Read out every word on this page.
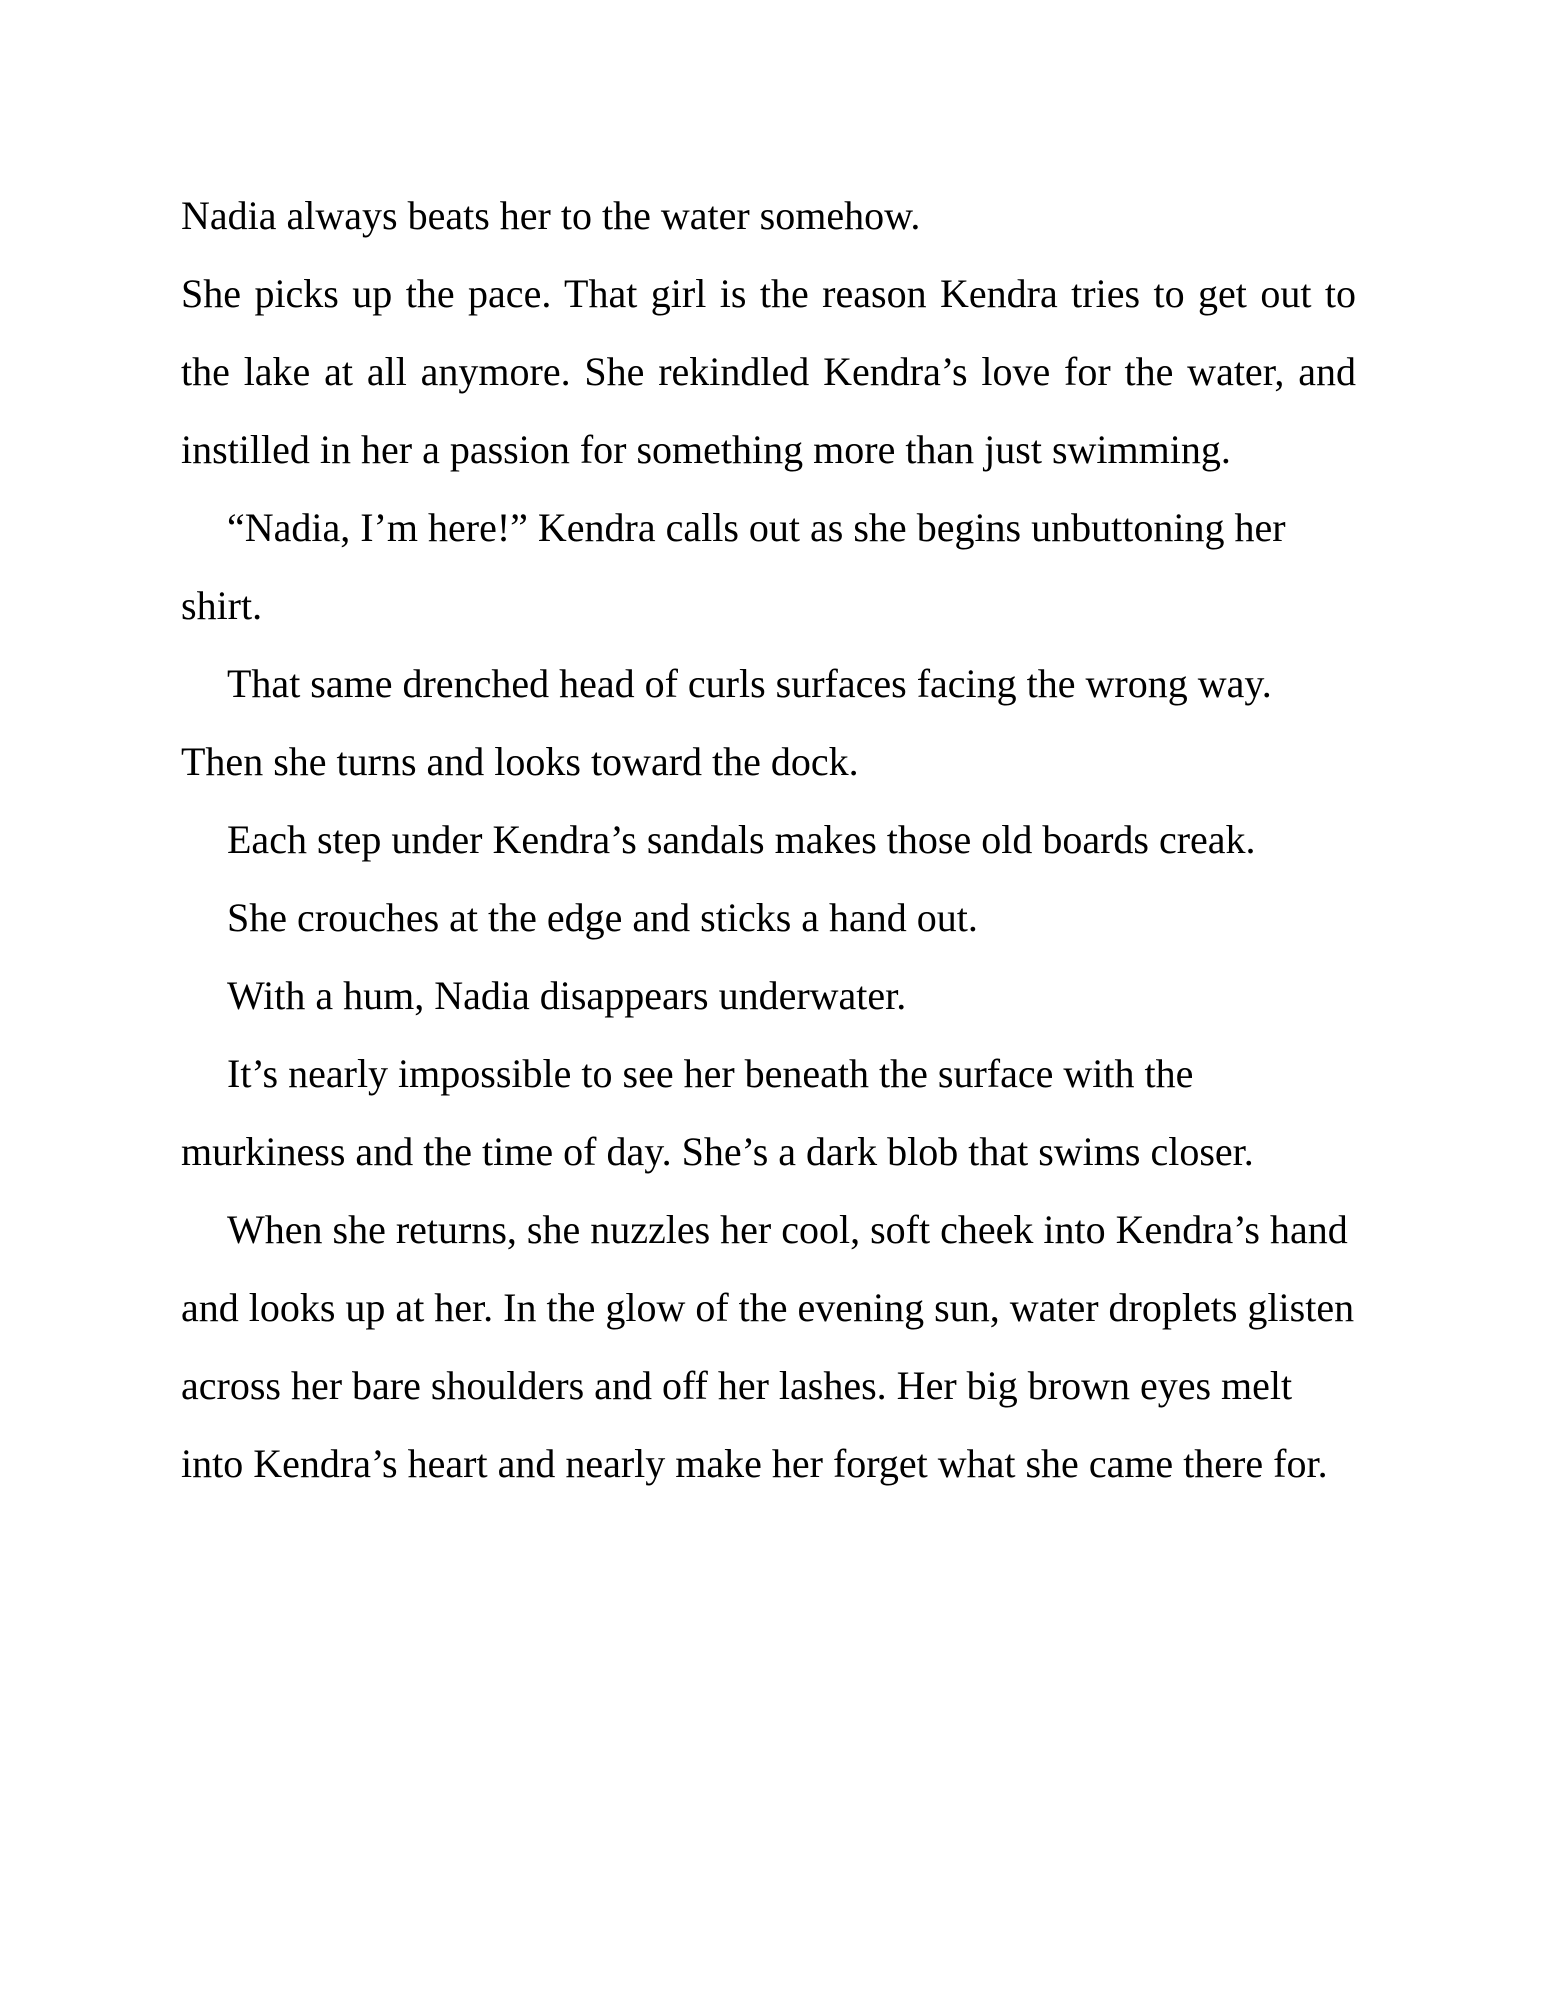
Nadia always beats her to the water somehow.

She picks up the pace. That girl is the reason Kendra tries to get out to the lake at all anymore. She rekindled Kendra’s love for the water, and instilled in her a passion for something more than just swimming.

“Nadia, I’m here!” Kendra calls out as she begins unbuttoning her shirt.

That same drenched head of curls surfaces facing the wrong way. Then she turns and looks toward the dock.

Each step under Kendra’s sandals makes those old boards creak.

She crouches at the edge and sticks a hand out.

With a hum, Nadia disappears underwater.

It’s nearly impossible to see her beneath the surface with the murkiness and the time of day. She’s a dark blob that swims closer.

When she returns, she nuzzles her cool, soft cheek into Kendra’s hand and looks up at her. In the glow of the evening sun, water droplets glisten across her bare shoulders and off her lashes. Her big brown eyes melt into Kendra’s heart and nearly make her forget what she came there for.
